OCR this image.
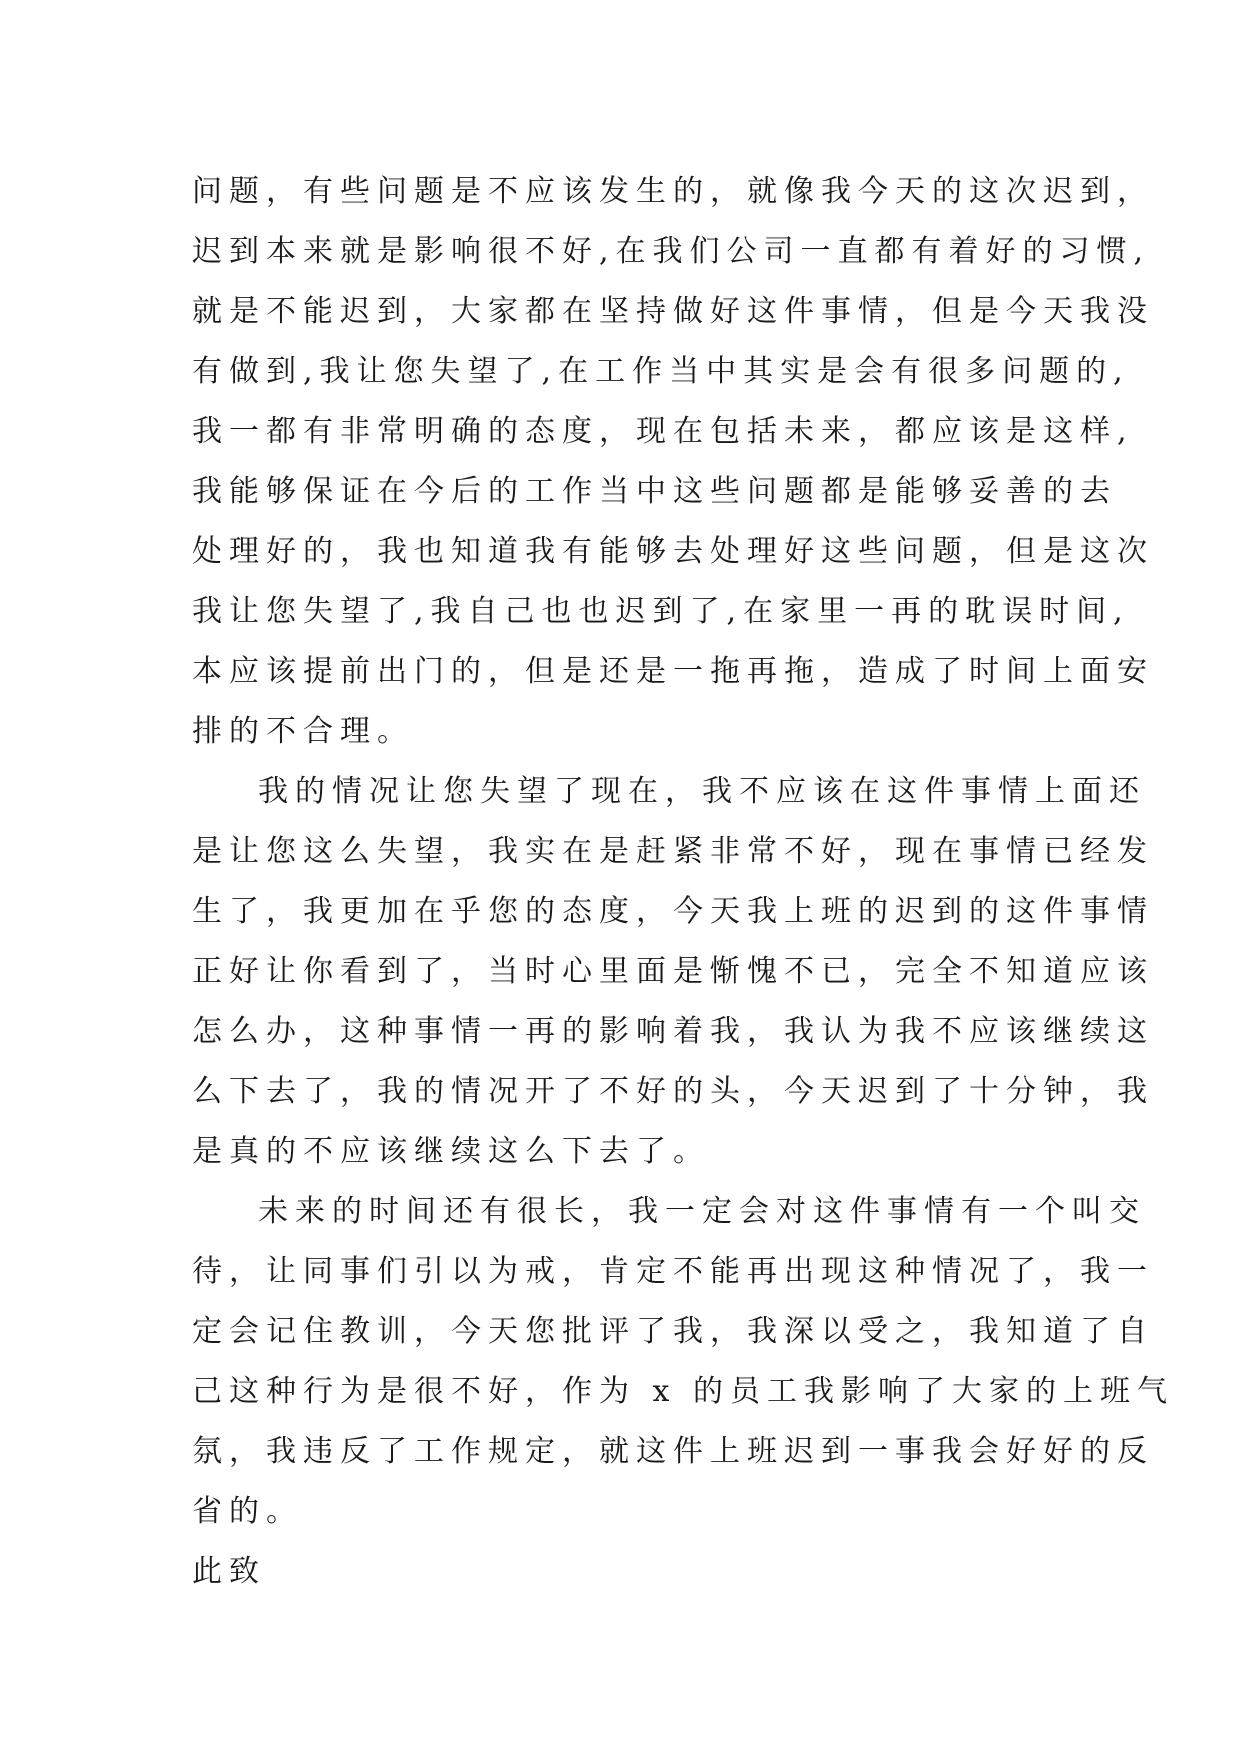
问题，有些问题是不应该发生的，就像我今天的这次迟到，
迟到本来就是影响很不好,在我们公司一直都有着好的习惯,
就是不能迟到，大家都在坚持做好这件事情，但是今天我没
有做到,我让您失望了,在工作当中其实是会有很多问题的,
我一都有非常明确的态度，现在包括未来，都应该是这样,
我能够保证在今后的工作当中这些问题都是能够妥善的去
处理好的，我也知道我有能够去处理好这些问题，但是这次
我让您失望了,我自己也也迟到了,在家里一再的耽误时间,
本应该提前出门的，但是还是一拖再拖，造成了时间上面安
排的不合理。
我的情况让您失望了现在，我不应该在这件事情上面还
是让您这么失望，我实在是赶紧非常不好，现在事情已经发
生了，我更加在乎您的态度，今天我上班的迟到的这件事情
正好让你看到了，当时心里面是惭愧不已，完全不知道应该
怎么办，这种事情一再的影响着我，我认为我不应该继续这
么下去了，我的情况开了不好的头，今天迟到了十分钟，我
是真的不应该继续这么下去了。
未来的时间还有很长，我一定会对这件事情有一个叫交
待，让同事们引以为戒，肯定不能再出现这种情况了，我一
定会记住教训，今天您批评了我，我深以受之，我知道了自
己这种行为是很不好，作为 x 的员工我影响了大家的上班气
氛，我违反了工作规定，就这件上班迟到一事我会好好的反
省的。
此致
